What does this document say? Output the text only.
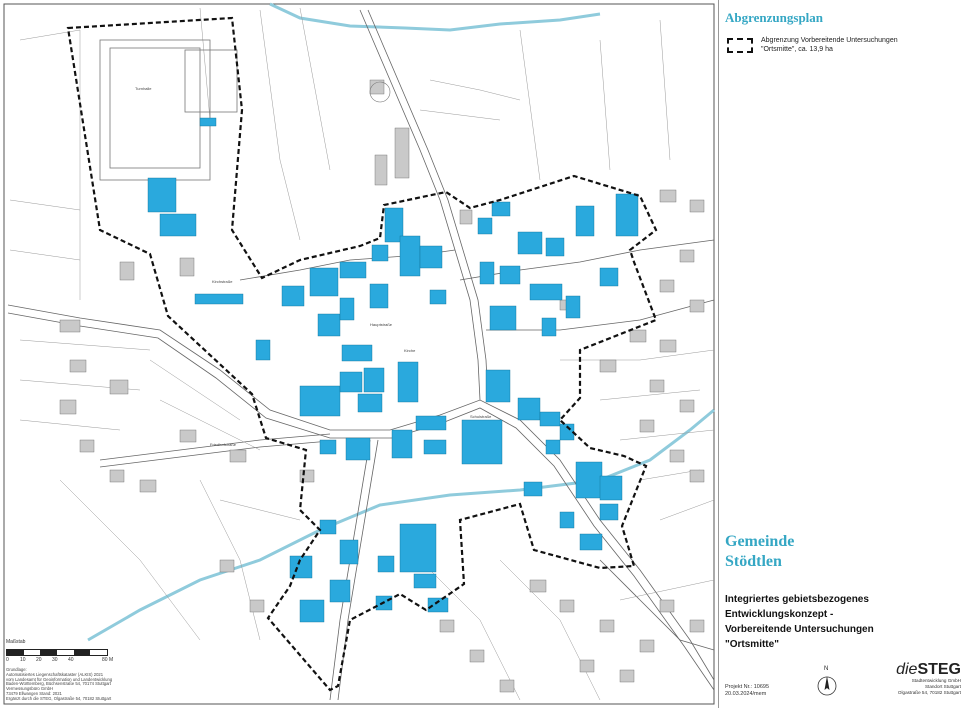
Kirchstraße
Hauptstraße
Friedhofstraße
Schulstraße
Turnhalle
Kirche
Abgrenzungsplan
Abgrenzung Vorbereitende Untersuchungen
"Ortsmitte", ca. 13,9 ha
Gemeinde
Stödtlen
Integriertes gebietsbezogenes
Entwicklungskonzept -
Vorbereitende Untersuchungen
"Ortsmitte"
Projekt Nr.: 10695
20.03.2024/mem
N	dieSTEG
Stadtentwicklung GmbH
Standort Stuttgart
Olgastraße 54, 70182 Stuttgart
Maßstab
0 10 20 30 40	80 M
Grundlage:
Automatisiertes Liegenschaftskataster (ALKIS) 2021
vom Landesamt für Geoinformation und Landentwicklung
Baden-Württemberg, Büchsenstraße 54, 70174 Stuttgart
Vermessungsbüro GmbH
73479 Ellwangen Stand: 2021
Ergänzt durch die STEG, Olgastraße 54, 70182 Stuttgart
